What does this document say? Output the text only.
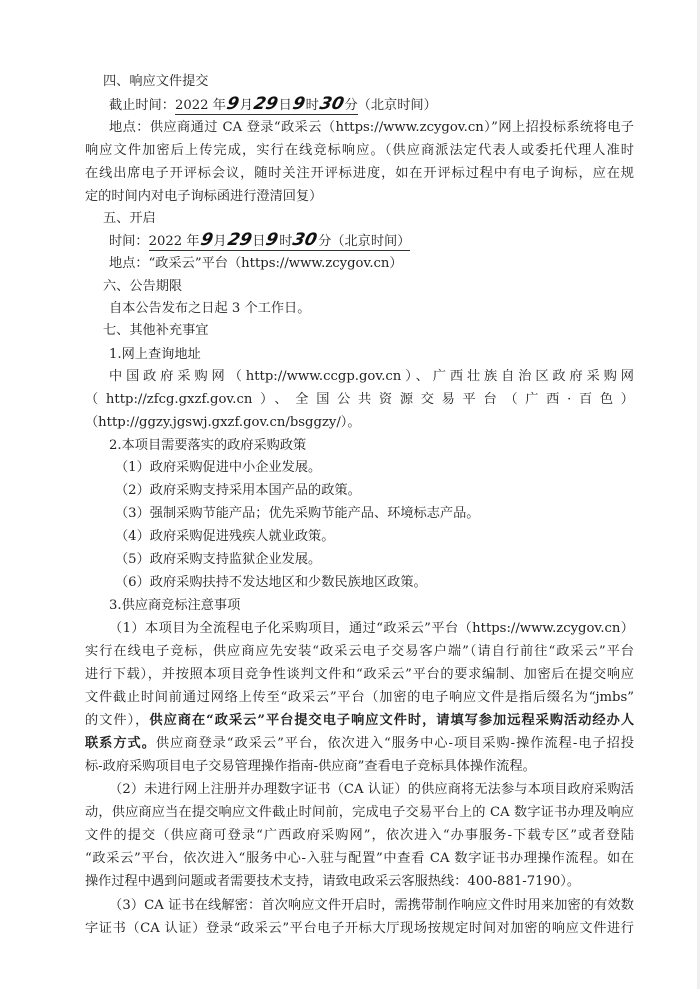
四、响应文件提交
截止时间：2022 年9月29日9时30分（北京时间）
地点：供应商通过 CA 登录“政采云（https://www.zcygov.cn）”网上招投标系统将电子
响应文件加密后上传完成，实行在线竞标响应。（供应商派法定代表人或委托代理人准时
在线出席电子开评标会议，随时关注开评标进度，如在开评标过程中有电子询标，应在规
定的时间内对电子询标函进行澄清回复）
五、开启
时间：2022 年9月29日9时30分（北京时间）
地点：“政采云”平台（https://www.zcygov.cn）
六、公告期限
自本公告发布之日起 3 个工作日。
七、其他补充事宜
1.网上查询地址
中国政府采购网（http://www.ccgp.gov.cn）、广西壮族自治区政府采购网
（http://zfcg.gxzf.gov.cn）、全国公共资源交易平台（广西·百色）
（http://ggzy.jgswj.gxzf.gov.cn/bsggzy/）。
2.本项目需要落实的政府采购政策
（1）政府采购促进中小企业发展。
（2）政府采购支持采用本国产品的政策。
（3）强制采购节能产品；优先采购节能产品、环境标志产品。
（4）政府采购促进残疾人就业政策。
（5）政府采购支持监狱企业发展。
（6）政府采购扶持不发达地区和少数民族地区政策。
3.供应商竞标注意事项
（1）本项目为全流程电子化采购项目，通过“政采云”平台（https://www.zcygov.cn）
实行在线电子竞标，供应商应先安装“政采云电子交易客户端”（请自行前往“政采云”平台
进行下载），并按照本项目竞争性谈判文件和“政采云”平台的要求编制、加密后在提交响应
文件截止时间前通过网络上传至“政采云”平台（加密的电子响应文件是指后缀名为“jmbs”
的文件），供应商在“政采云”平台提交电子响应文件时，请填写参加远程采购活动经办人
联系方式。供应商登录“政采云”平台，依次进入“服务中心-项目采购-操作流程-电子招投
标-政府采购项目电子交易管理操作指南-供应商”查看电子竞标具体操作流程。
（2）未进行网上注册并办理数字证书（CA 认证）的供应商将无法参与本项目政府采购活
动，供应商应当在提交响应文件截止时间前，完成电子交易平台上的 CA 数字证书办理及响应
文件的提交（供应商可登录“广西政府采购网”，依次进入“办事服务-下载专区”或者登陆
“政采云”平台，依次进入“服务中心-入驻与配置”中查看 CA 数字证书办理操作流程。如在
操作过程中遇到问题或者需要技术支持，请致电政采云客服热线：400-881-7190）。
（3）CA 证书在线解密：首次响应文件开启时，需携带制作响应文件时用来加密的有效数
字证书（CA 认证）登录“政采云”平台电子开标大厅现场按规定时间对加密的响应文件进行
